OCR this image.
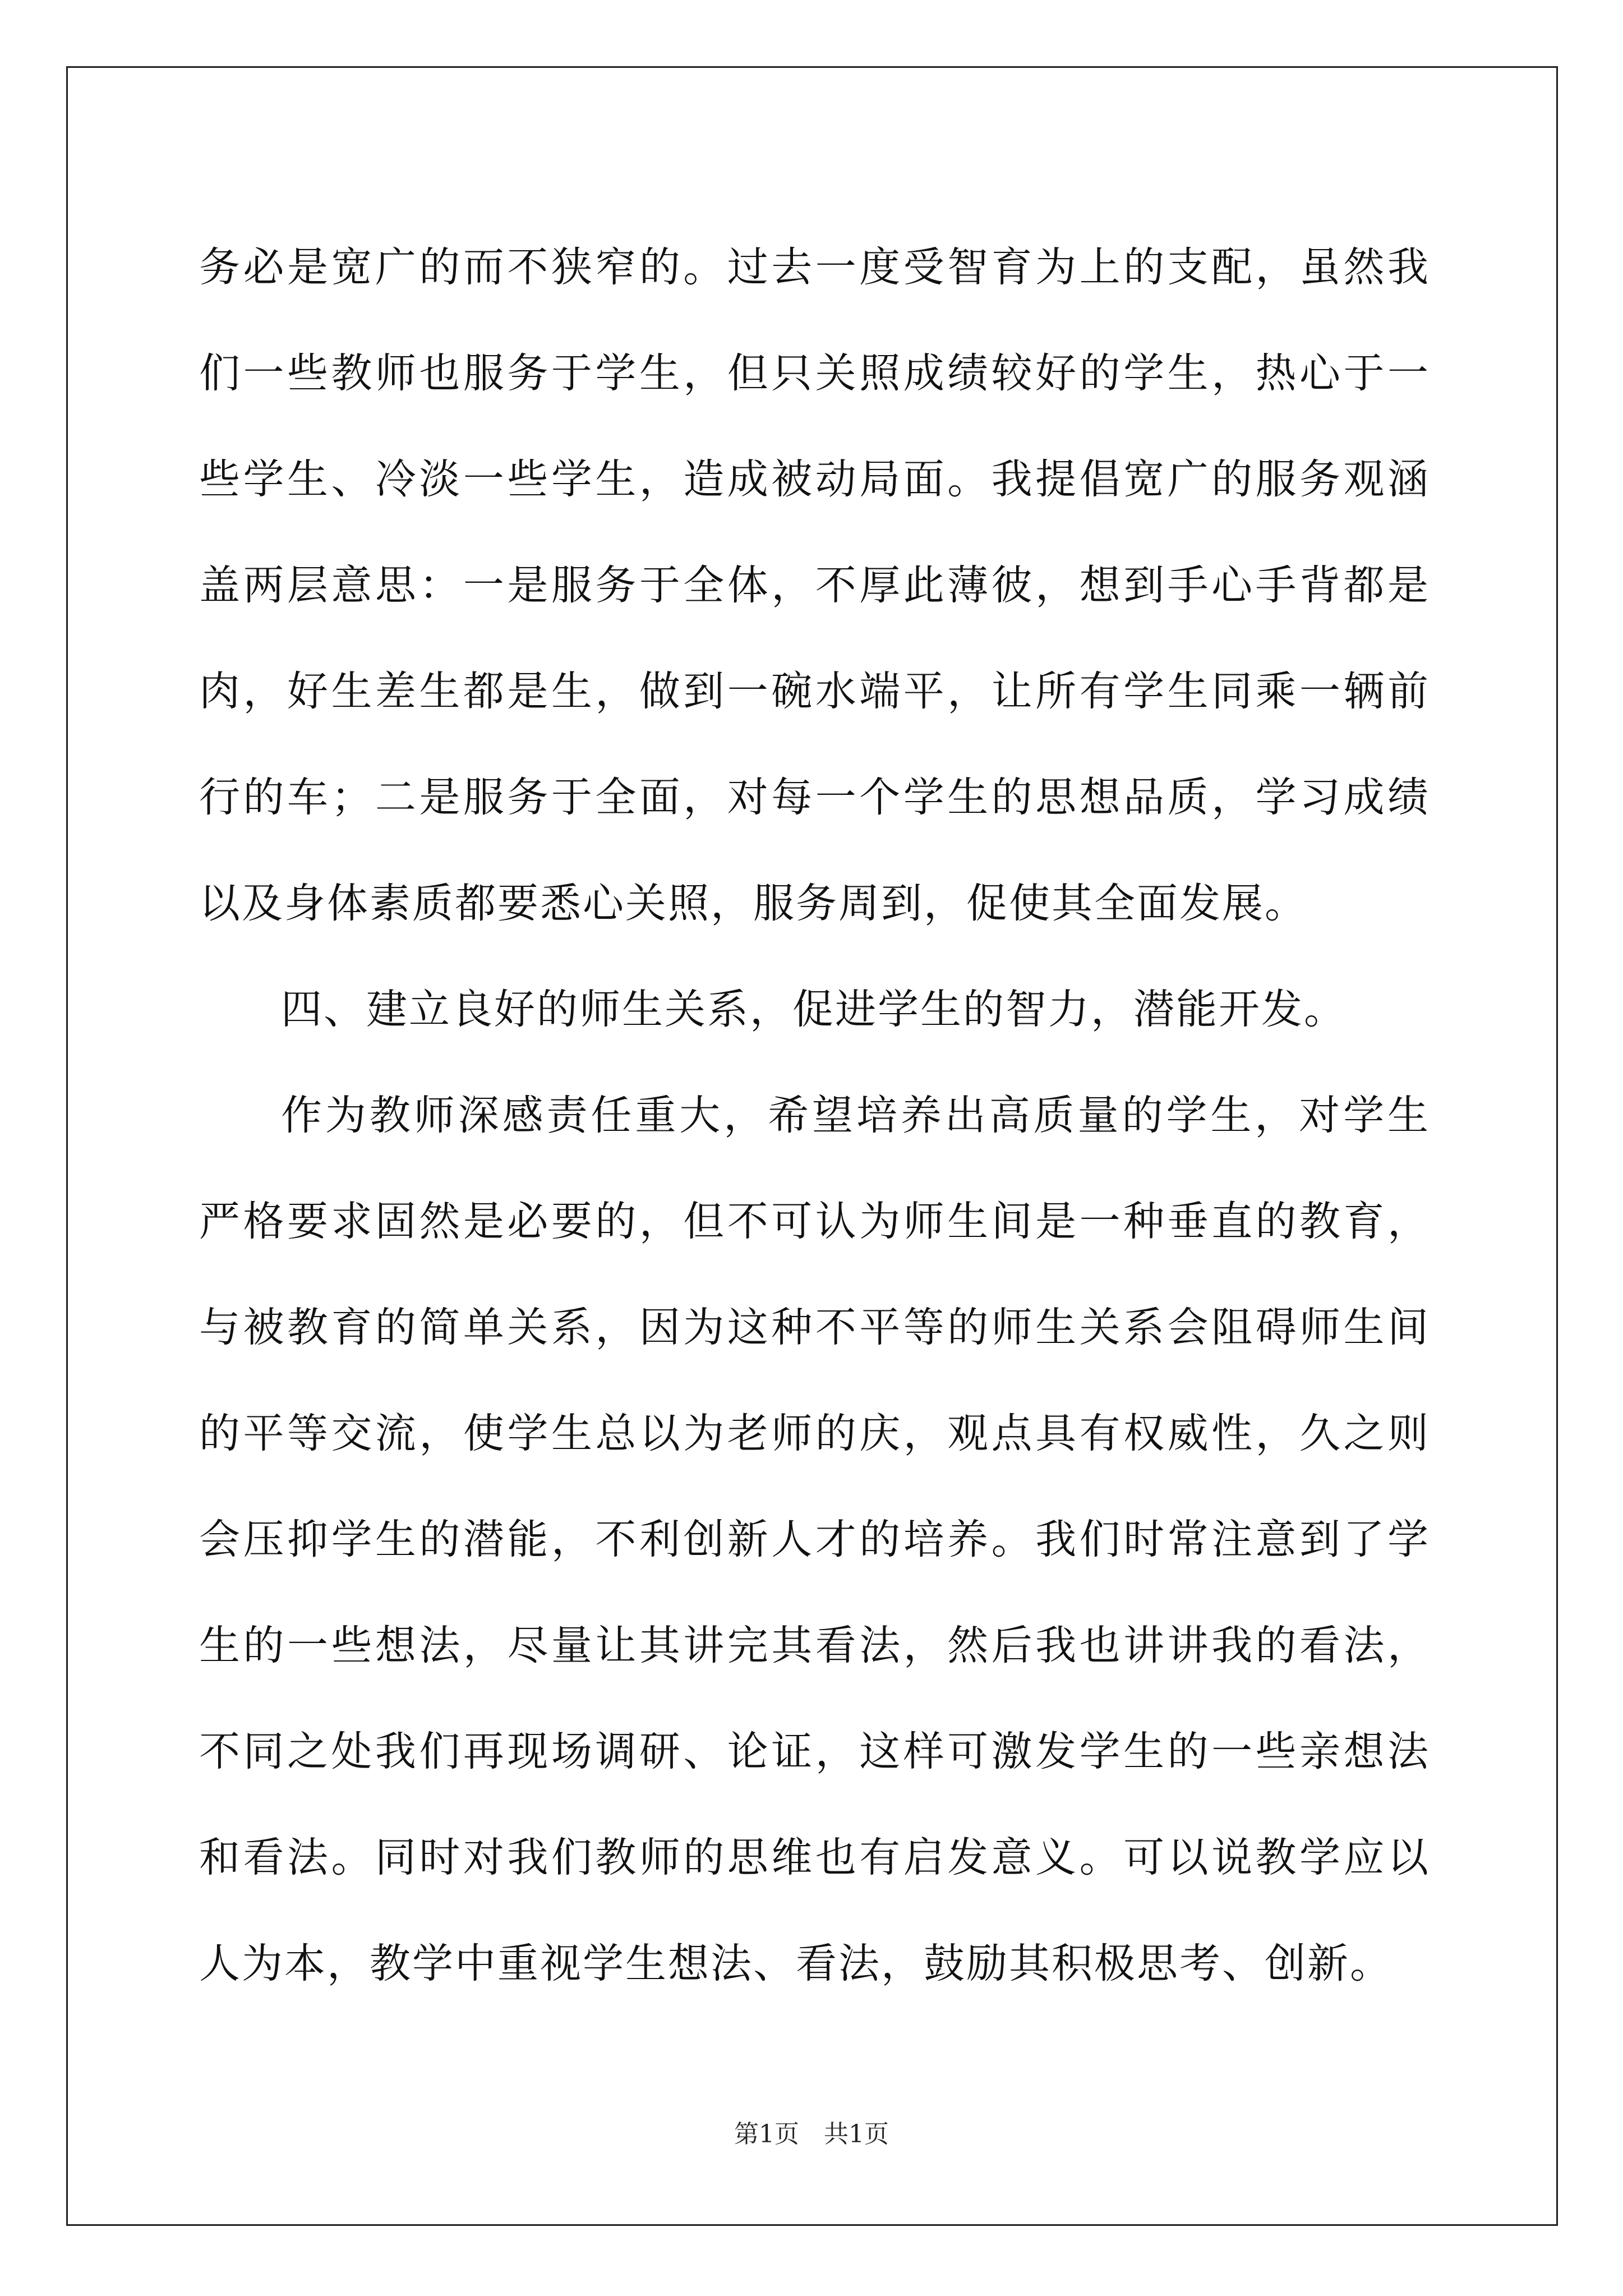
务必是宽广的而不狭窄的。过去一度受智育为上的支配，虽然我们一些教师也服务于学生，但只关照成绩较好的学生，热心于一些学生、冷淡一些学生，造成被动局面。我提倡宽广的服务观涵盖两层意思：一是服务于全体，不厚此薄彼，想到手心手背都是肉，好生差生都是生，做到一碗水端平，让所有学生同乘一辆前行的车；二是服务于全面，对每一个学生的思想品质，学习成绩以及身体素质都要悉心关照，服务周到，促使其全面发展。

四、建立良好的师生关系，促进学生的智力，潜能开发。

作为教师深感责任重大，希望培养出高质量的学生，对学生严格要求固然是必要的，但不可认为师生间是一种垂直的教育，与被教育的简单关系，因为这种不平等的师生关系会阻碍师生间的平等交流，使学生总以为老师的庆，观点具有权威性，久之则会压抑学生的潜能，不利创新人才的培养。我们时常注意到了学生的一些想法，尽量让其讲完其看法，然后我也讲讲我的看法，不同之处我们再现场调研、论证，这样可激发学生的一些亲想法和看法。同时对我们教师的思维也有启发意义。可以说教学应以人为本，教学中重视学生想法、看法，鼓励其积极思考、创新。

第1页 共1页
